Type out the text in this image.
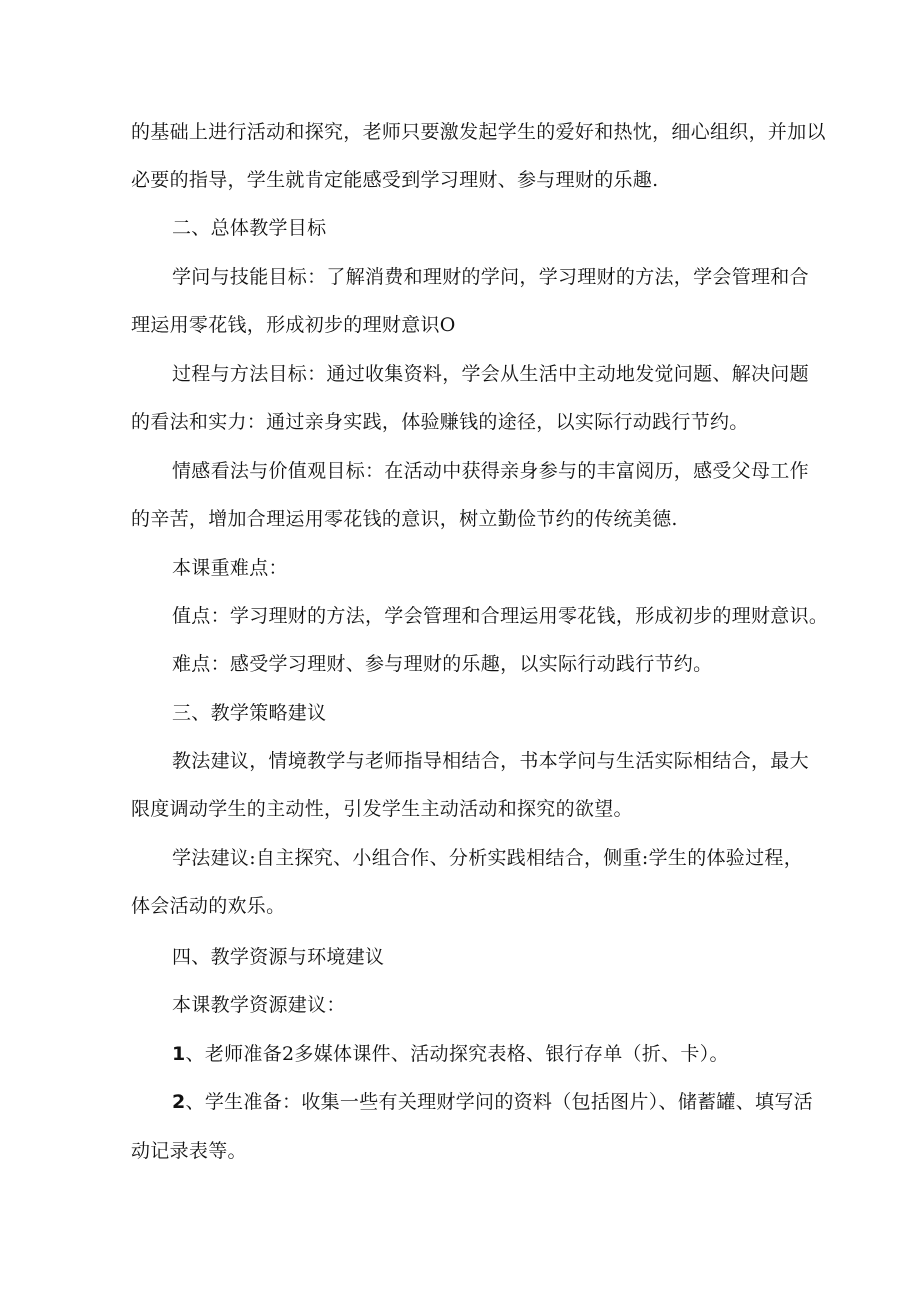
的基础上进行活动和探究，老师只要激发起学生的爱好和热忱，细心组织，并加以
必要的指导，学生就肯定能感受到学习理财、参与理财的乐趣.
二、总体教学目标
学问与技能目标：了解消费和理财的学问，学习理财的方法，学会管理和合
理运用零花钱，形成初步的理财意识O
过程与方法目标：通过收集资料，学会从生活中主动地发觉问题、解决问题
的看法和实力：通过亲身实践，体验赚钱的途径，以实际行动践行节约。
情感看法与价值观目标：在活动中获得亲身参与的丰富阅历，感受父母工作
的辛苦，增加合理运用零花钱的意识，树立勤俭节约的传统美德.
本课重难点：
值点：学习理财的方法，学会管理和合理运用零花钱，形成初步的理财意识。
难点：感受学习理财、参与理财的乐趣，以实际行动践行节约。
三、教学策略建议
教法建议，情境教学与老师指导相结合，书本学问与生活实际相结合，最大
限度调动学生的主动性，引发学生主动活动和探究的欲望。
学法建议:自主探究、小组合作、分析实践相结合，侧重:学生的体验过程，
体会活动的欢乐。
四、教学资源与环境建议
本课教学资源建议：
1、老师准备2多媒体课件、活动探究表格、银行存单（折、卡）。
2、学生准备：收集一些有关理财学问的资料（包括图片）、储蓄罐、填写活
动记录表等。
